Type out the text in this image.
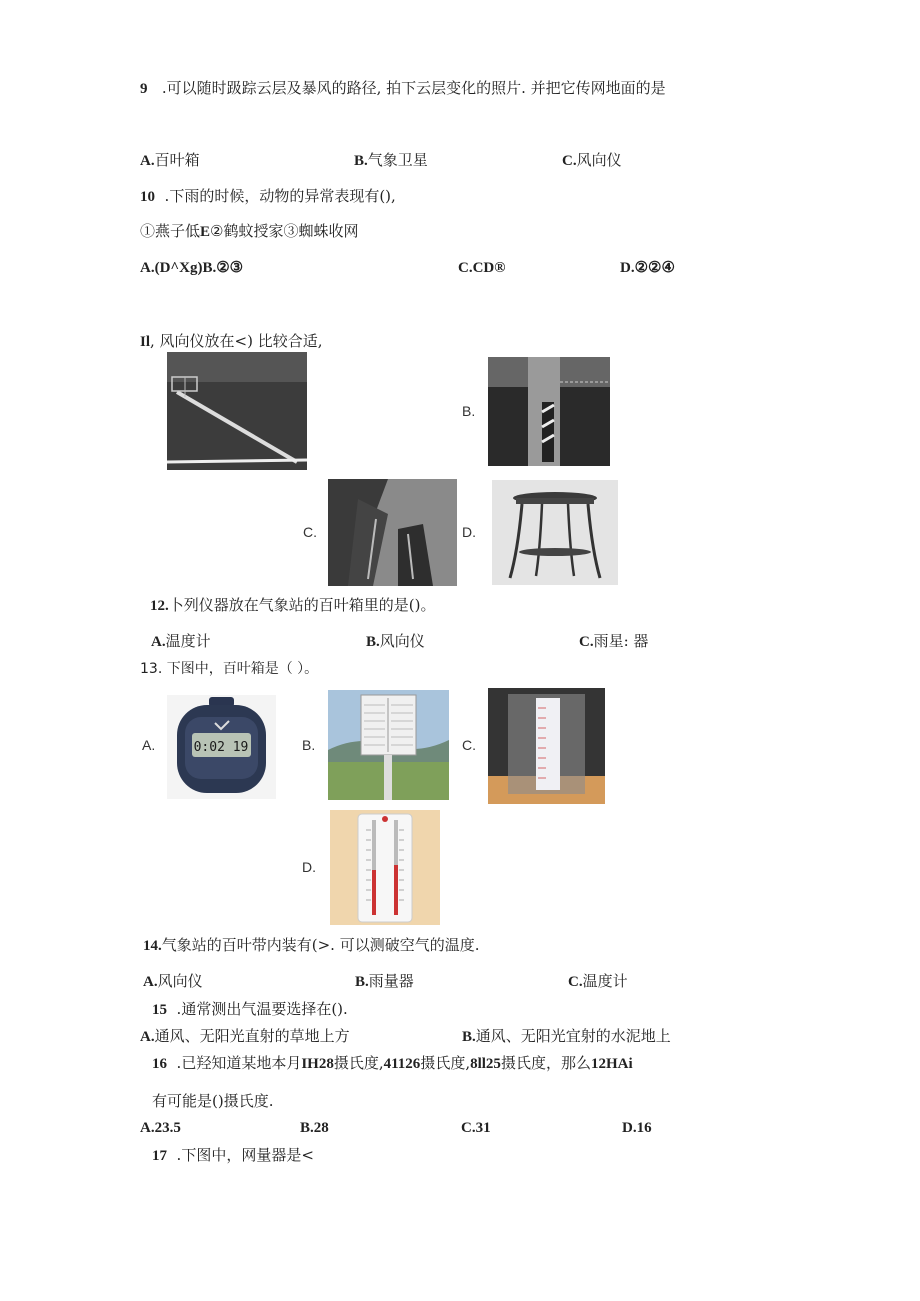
9 .可以随时趿踪云层及暴风的路径, 拍下云层变化的照片. 并把它传网地面的是
A.百叶箱	B.气象卫星	C.风向仪
10 .下雨的时候，动物的异常表现有(),
①燕子低E②鹤蚊授家③蜘蛛收网
A.(D^Xg)B.②③	C.CD®	D.②②④
Il, 风向仪放在<) 比较合适,
B.
C.	D.
12.卜列仪器放在气象站的百叶箱里的是()。
A.温度计	B.风向仪	C.雨星: 器
13. 下图中，百叶箱是（ ）。
A.	0:02 19	B.	C.
D.
14.气象站的百叶带内装有(>. 可以测破空气的温度.
A.风向仪	B.雨量器	C.温度计
15 .通常测出气温要选择在().
A.通风、无阳光直射的草地上方	B.通风、无阳光宜射的水泥地上
16 .已羟知道某地本月IH28摄氏度,41126摄氏度,8ll25摄氏度，那么12HAi
有可能是()摄氏度.
A.23.5	B.28	C.31	D.16
17 .下图中，网量器是<
